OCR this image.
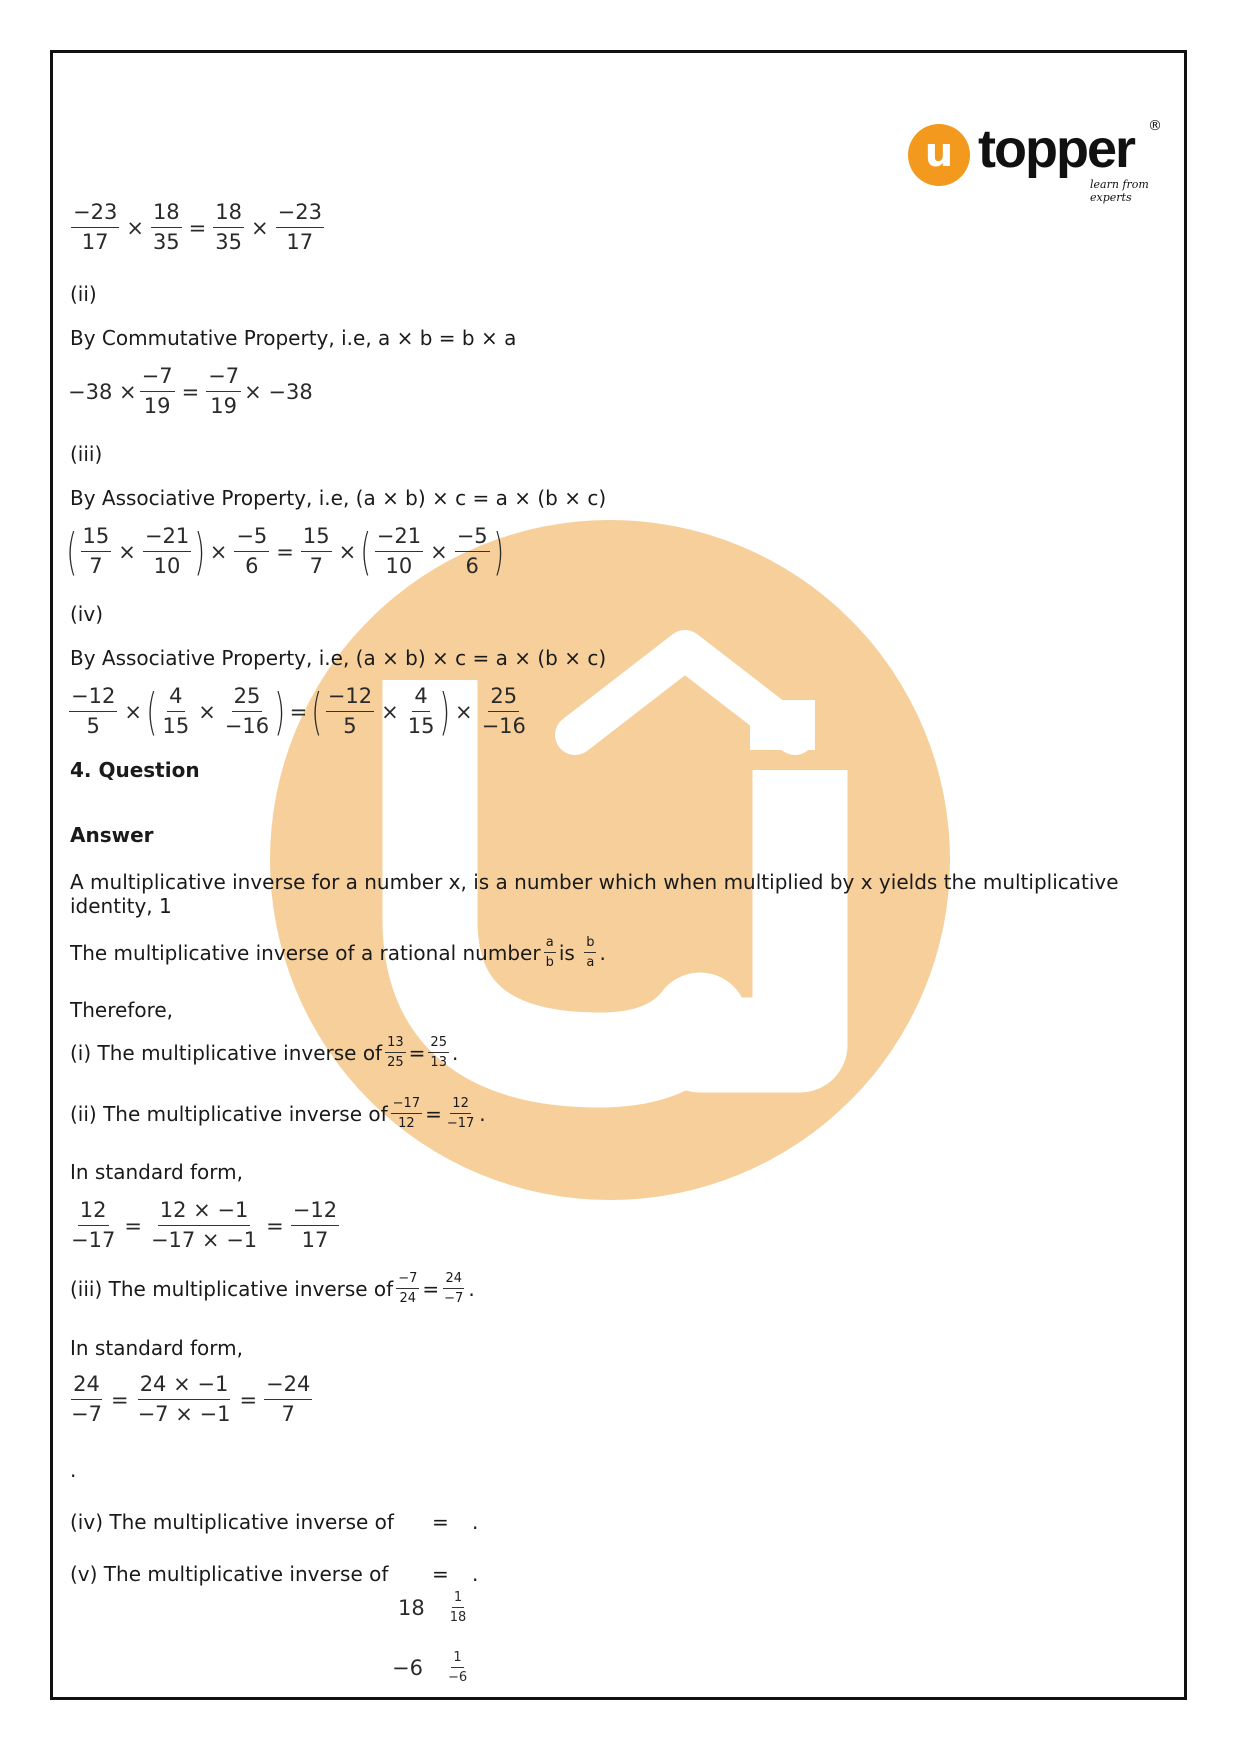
u topper ®
learn from experts
$\frac{-23}{17} \times \frac{18}{35} = \frac{18}{35} \times \frac{-23}{17}$
(ii)
By Commutative Property, i.e, a × b = b × a
$-38 \times \frac{-7}{19} = \frac{-7}{19} \times -38$
(iii)
By Associative Property, i.e, (a × b) × c = a × (b × c)
( $\frac{15}{7} \times \frac{-21}{10}$ ) × $\frac{-5}{6} = \frac{15}{7}$ × ( $\frac{-21}{10} \times \frac{-5}{6}$ )
(iv)
By Associative Property, i.e, (a × b) × c = a × (b × c)
$\frac{-12}{5}$ × ( $\frac{4}{15} \times \frac{25}{-16}$ ) = ( $\frac{-12}{5} \times \frac{4}{15}$ ) × $\frac{25}{-16}$
4. Question
Answer
A multiplicative inverse for a number x, is a number which when multiplied by x yields the multiplicative identity, 1
The multiplicative inverse of a rational number $\frac{a}{b}$ is
$\frac{b}{a}$ .
Therefore,
(i) The multiplicative inverse of $\frac{13}{25} = \frac{25}{13}$ .
(ii) The multiplicative inverse of $\frac{-17}{12} = \frac{12}{-17}$ .
In standard form,
$\frac{12}{-17} = \frac{12 \times -1}{-17 \times -1} = \frac{-12}{17}$
(iii) The multiplicative inverse of $\frac{-7}{24} = \frac{24}{-7}$ .
In standard form,
$\frac{24}{-7} = \frac{24 \times -1}{-7 \times -1} = \frac{-24}{7}$
.
(iv) The multiplicative inverse of = .
(v) The multiplicative inverse of = .
$18 \frac{1}{18}$
$-6 \frac{1}{-6}$
